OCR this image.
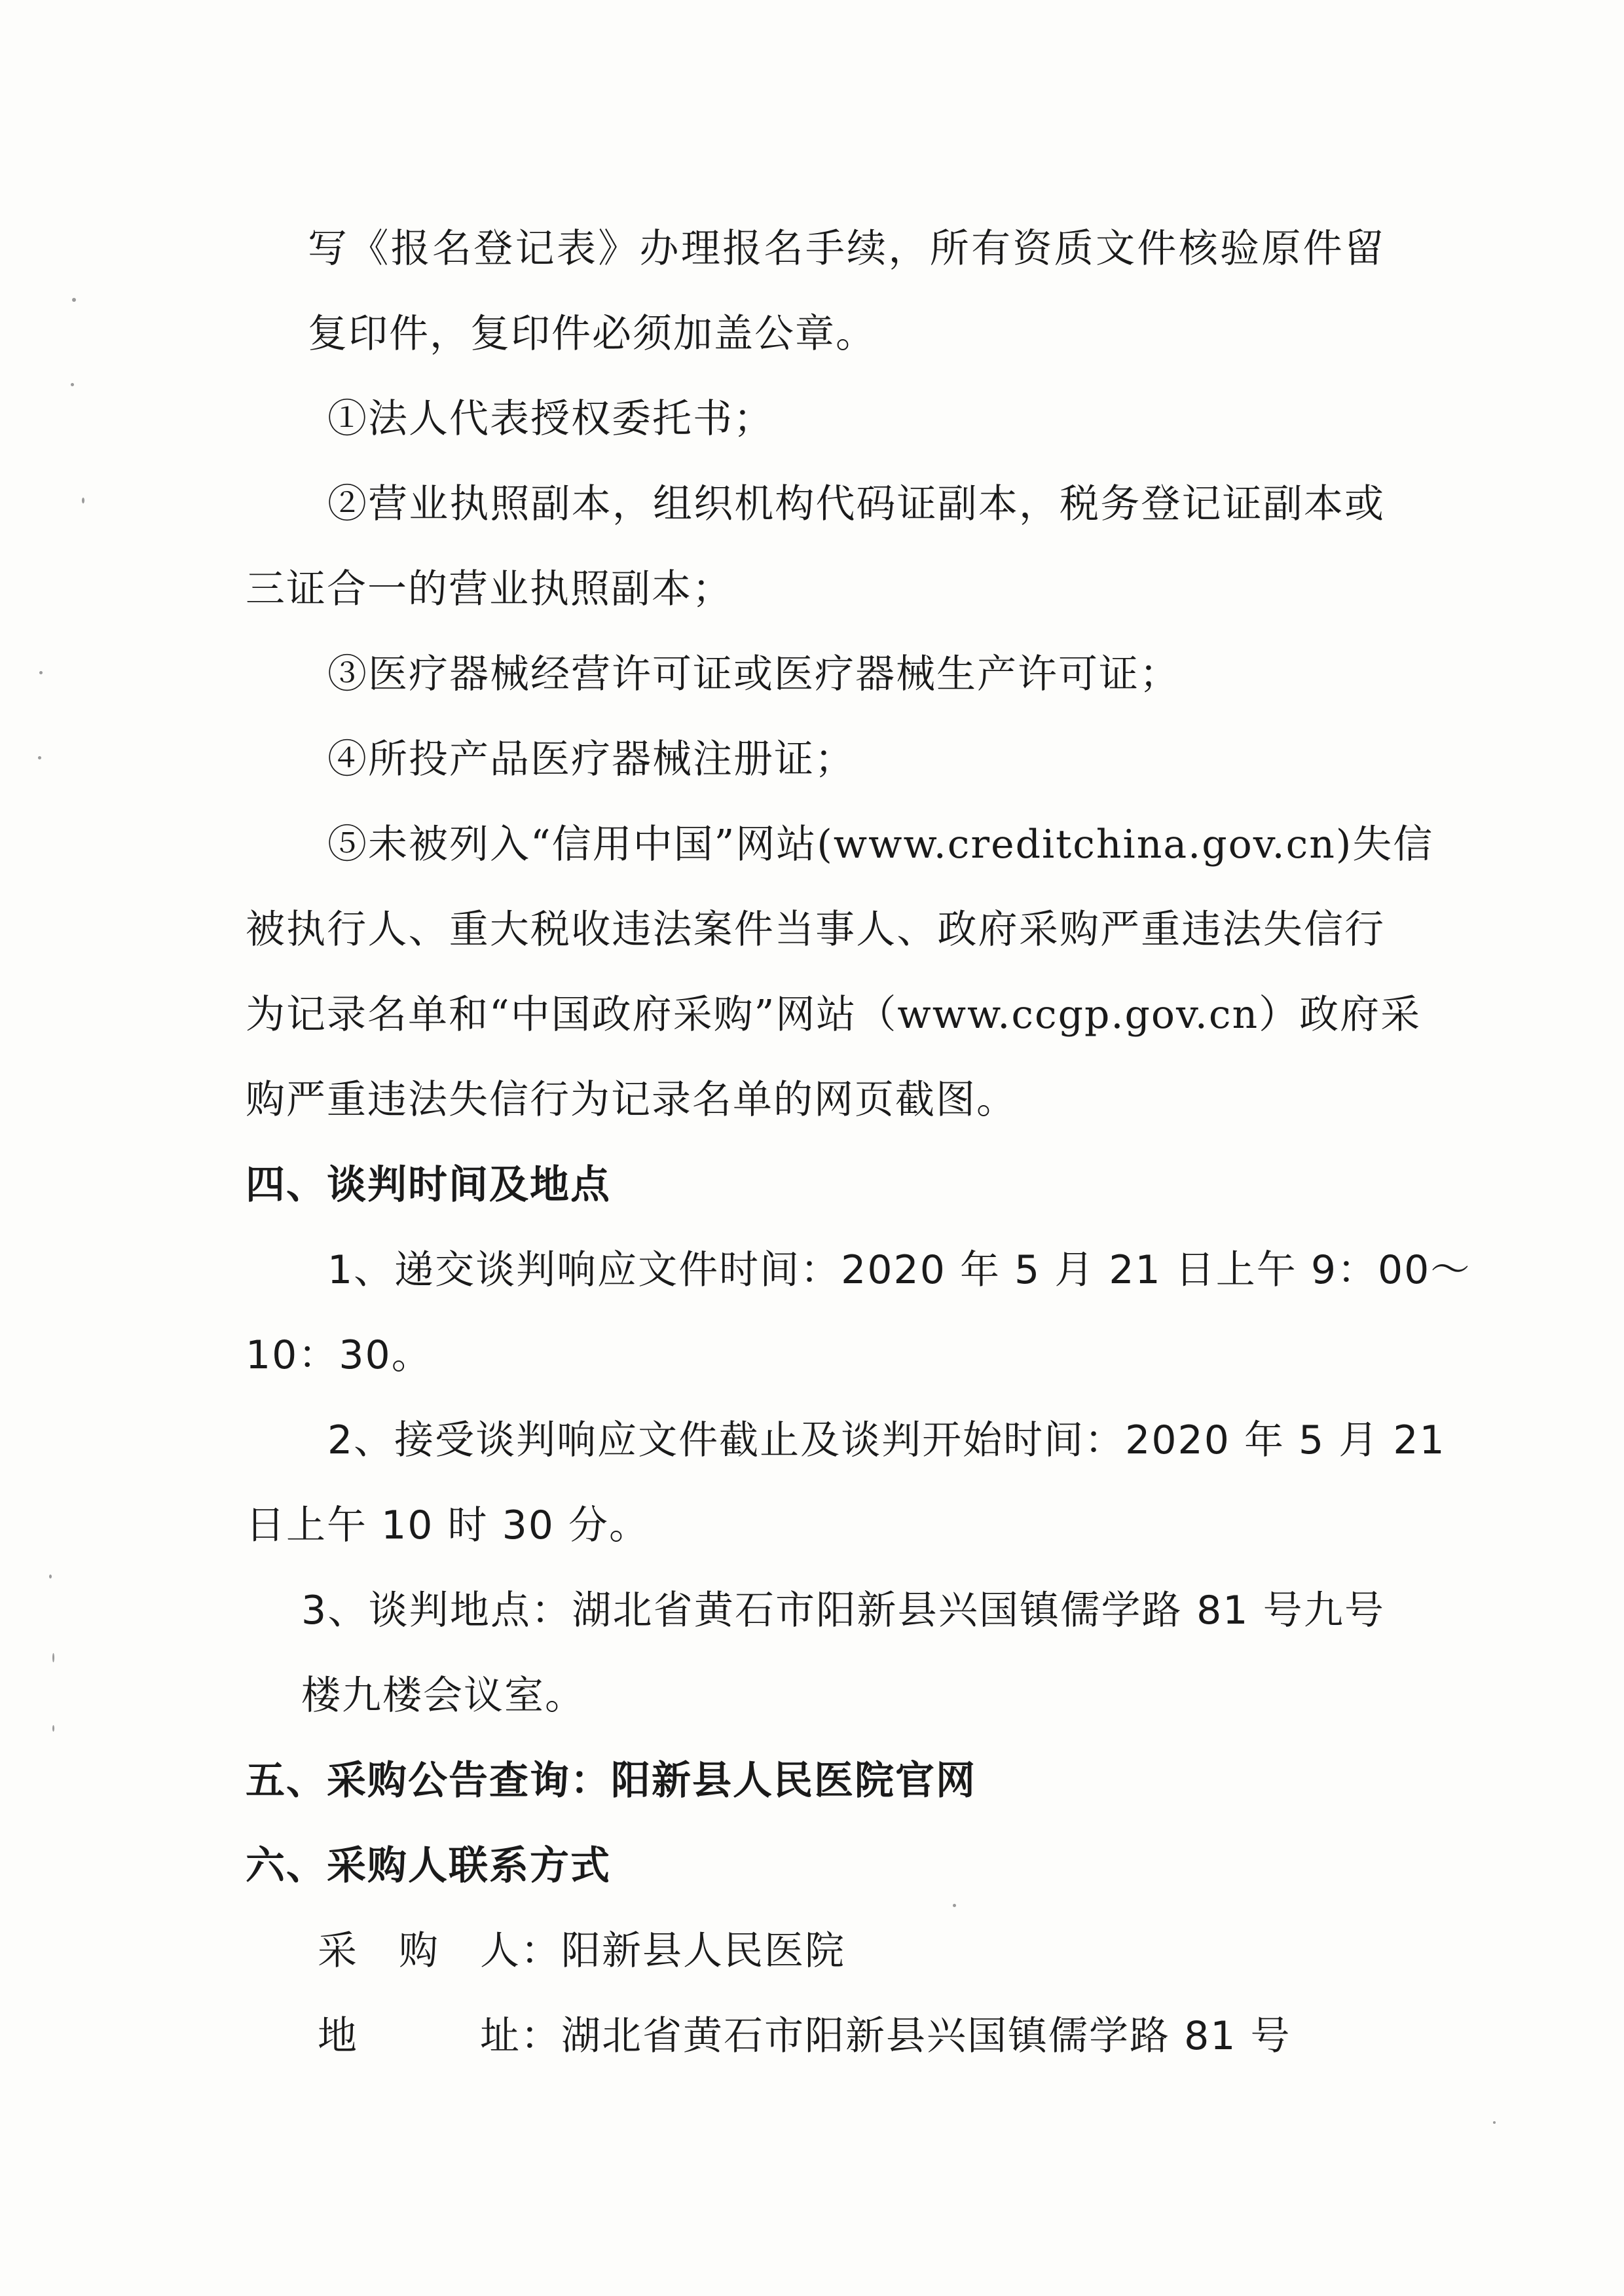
写《报名登记表》办理报名手续，所有资质文件核验原件留
复印件，复印件必须加盖公章。
①法人代表授权委托书；
②营业执照副本，组织机构代码证副本，税务登记证副本或
三证合一的营业执照副本；
③医疗器械经营许可证或医疗器械生产许可证；
④所投产品医疗器械注册证；
⑤未被列入“信用中国”网站(www.creditchina.gov.cn)失信
被执行人、重大税收违法案件当事人、政府采购严重违法失信行
为记录名单和“中国政府采购”网站（www.ccgp.gov.cn）政府采
购严重违法失信行为记录名单的网页截图。
四、谈判时间及地点
1、递交谈判响应文件时间：2020 年 5 月 21 日上午 9：00～
10：30。
2、接受谈判响应文件截止及谈判开始时间：2020 年 5 月 21
日上午 10 时 30 分。
3、谈判地点：湖北省黄石市阳新县兴国镇儒学路 81 号九号
楼九楼会议室。
五、采购公告查询：阳新县人民医院官网
六、采购人联系方式
采　购　人：阳新县人民医院
地　　　址：湖北省黄石市阳新县兴国镇儒学路 81 号
